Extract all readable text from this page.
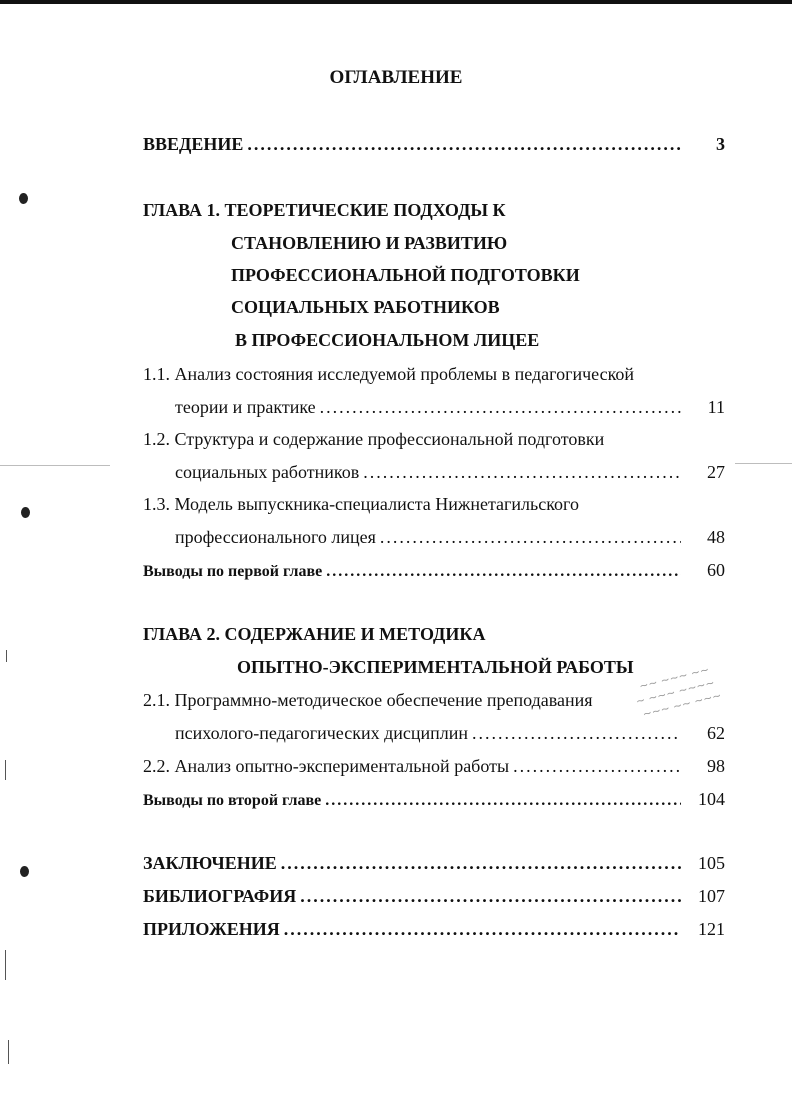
ОГЛАВЛЕНИЕ
ВВЕДЕНИЕ .....	3
ГЛАВА 1. ТЕОРЕТИЧЕСКИЕ ПОДХОДЫ К
СТАНОВЛЕНИЮ И РАЗВИТИЮ
ПРОФЕССИОНАЛЬНОЙ ПОДГОТОВКИ
СОЦИАЛЬНЫХ РАБОТНИКОВ
В ПРОФЕССИОНАЛЬНОМ ЛИЦЕЕ
1.1. Анализ состояния исследуемой проблемы в педагогической
теории и практике .....	11
1.2. Структура и содержание профессиональной подготовки
социальных работников .....	27
1.3. Модель выпускника-специалиста Нижнетагильского
профессионального лицея .....	48
Выводы по первой главе .....	60
ГЛАВА 2. СОДЕРЖАНИЕ И МЕТОДИКА
ОПЫТНО-ЭКСПЕРИМЕНТАЛЬНОЙ РАБОТЫ
2.1. Программно-методическое обеспечение преподавания
психолого-педагогических дисциплин .....	62
2.2. Анализ опытно-экспериментальной работы .....	98
Выводы по второй главе .....	104
~~ ~~~ ~~
~ ~~~ ~~~~
~~~ ~~ ~~~
ЗАКЛЮЧЕНИЕ .....	105
БИБЛИОГРАФИЯ .....	107
ПРИЛОЖЕНИЯ .....	121
